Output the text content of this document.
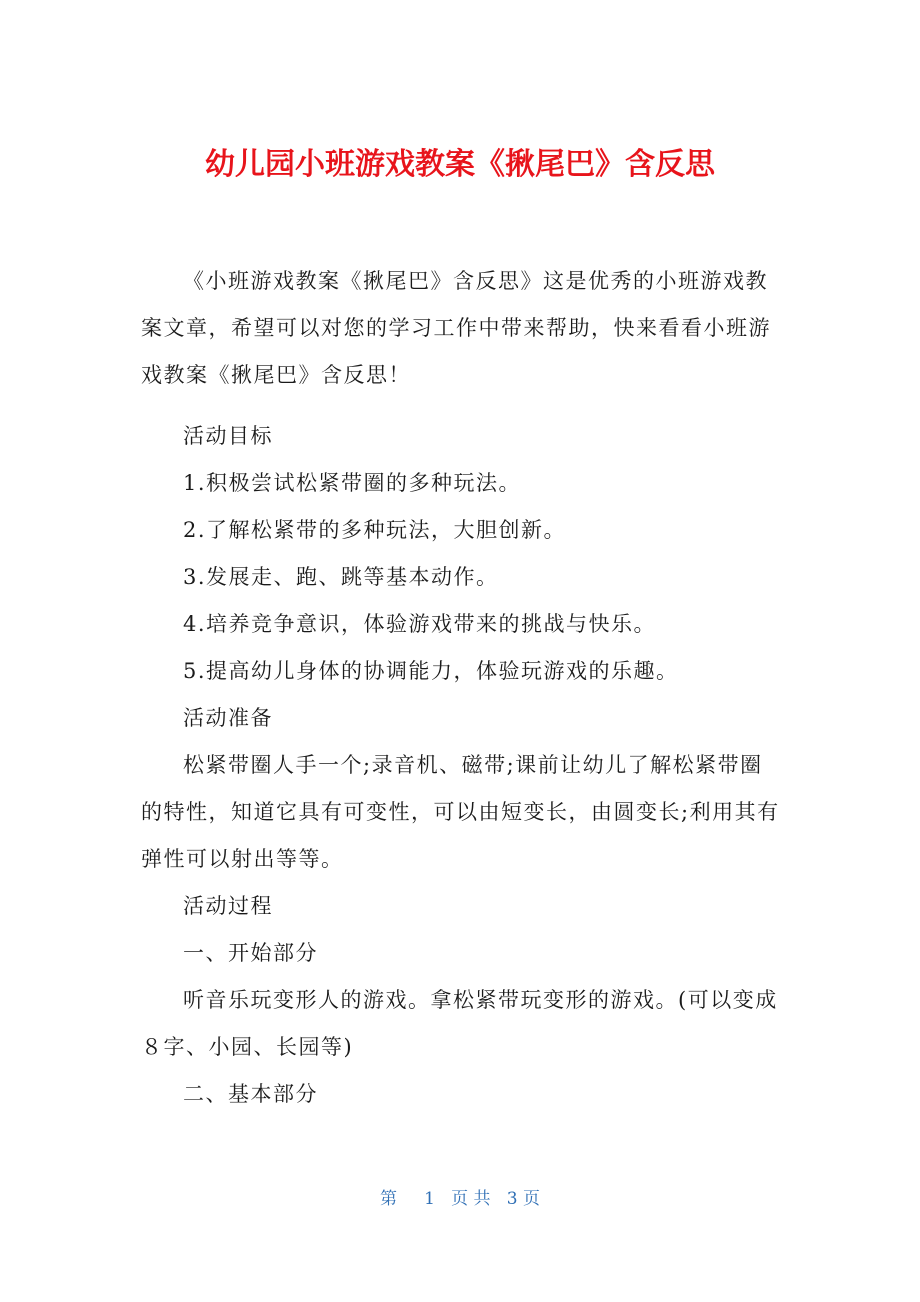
幼儿园小班游戏教案《揪尾巴》含反思

《小班游戏教案《揪尾巴》含反思》这是优秀的小班游戏教案文章，希望可以对您的学习工作中带来帮助，快来看看小班游戏教案《揪尾巴》含反思！

活动目标

1.积极尝试松紧带圈的多种玩法。

2.了解松紧带的多种玩法，大胆创新。

3.发展走、跑、跳等基本动作。

4.培养竞争意识，体验游戏带来的挑战与快乐。

5.提高幼儿身体的协调能力，体验玩游戏的乐趣。

活动准备

松紧带圈人手一个;录音机、磁带;课前让幼儿了解松紧带圈的特性，知道它具有可变性，可以由短变长，由圆变长;利用其有弹性可以射出等等。

活动过程

一、开始部分

听音乐玩变形人的游戏。拿松紧带玩变形的游戏。(可以变成８字、小园、长园等)

二、基本部分

第 1 页 共 3 页
